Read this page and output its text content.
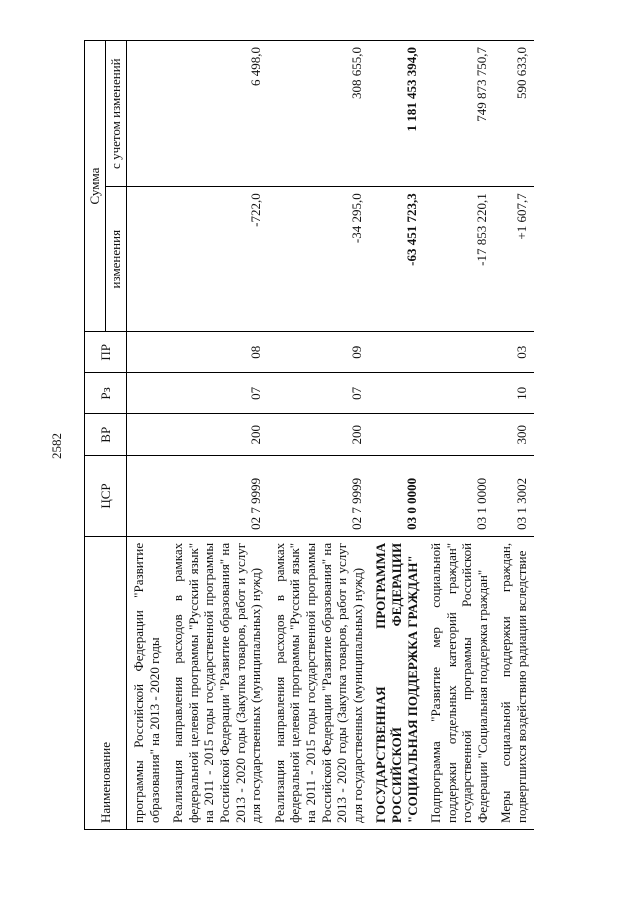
2582
Наименование	ЦСР	ВР	Рз	ПР	Сумма	
					изменения	с учетом изменений
программы Российской Федерации "Развитие образования" на 2013 - 2020 годы						
Реализация направления расходов в рамках федеральной целевой программы "Русский язык" на 2011 - 2015 годы государственной программы Российской Федерации "Развитие образования" на 2013 - 2020 годы (Закупка товаров, работ и услуг для государственных (муниципальных) нужд)	02 7 9999	200	07	08	-722,0	6 498,0
Реализация направления расходов в рамках федеральной целевой программы "Русский язык" на 2011 - 2015 годы государственной программы Российской Федерации "Развитие образования" на 2013 - 2020 годы (Закупка товаров, работ и услуг для государственных (муниципальных) нужд)	02 7 9999	200	07	09	-34 295,0	308 655,0
ГОСУДАРСТВЕННАЯ ПРОГРАММА РОССИЙСКОЙ ФЕДЕРАЦИИ "СОЦИАЛЬНАЯ ПОДДЕРЖКА ГРАЖДАН"	03 0 0000				-63 451 723,3	1 181 453 394,0
Подпрограмма "Развитие мер социальной поддержки отдельных категорий граждан" государственной программы Российской Федерации "Социальная поддержка граждан"	03 1 0000				-17 853 220,1	749 873 750,7
Меры социальной поддержки граждан, подвергшихся воздействию радиации вследствие	03 1 3002	300	10	03	+1 607,7	590 633,0
